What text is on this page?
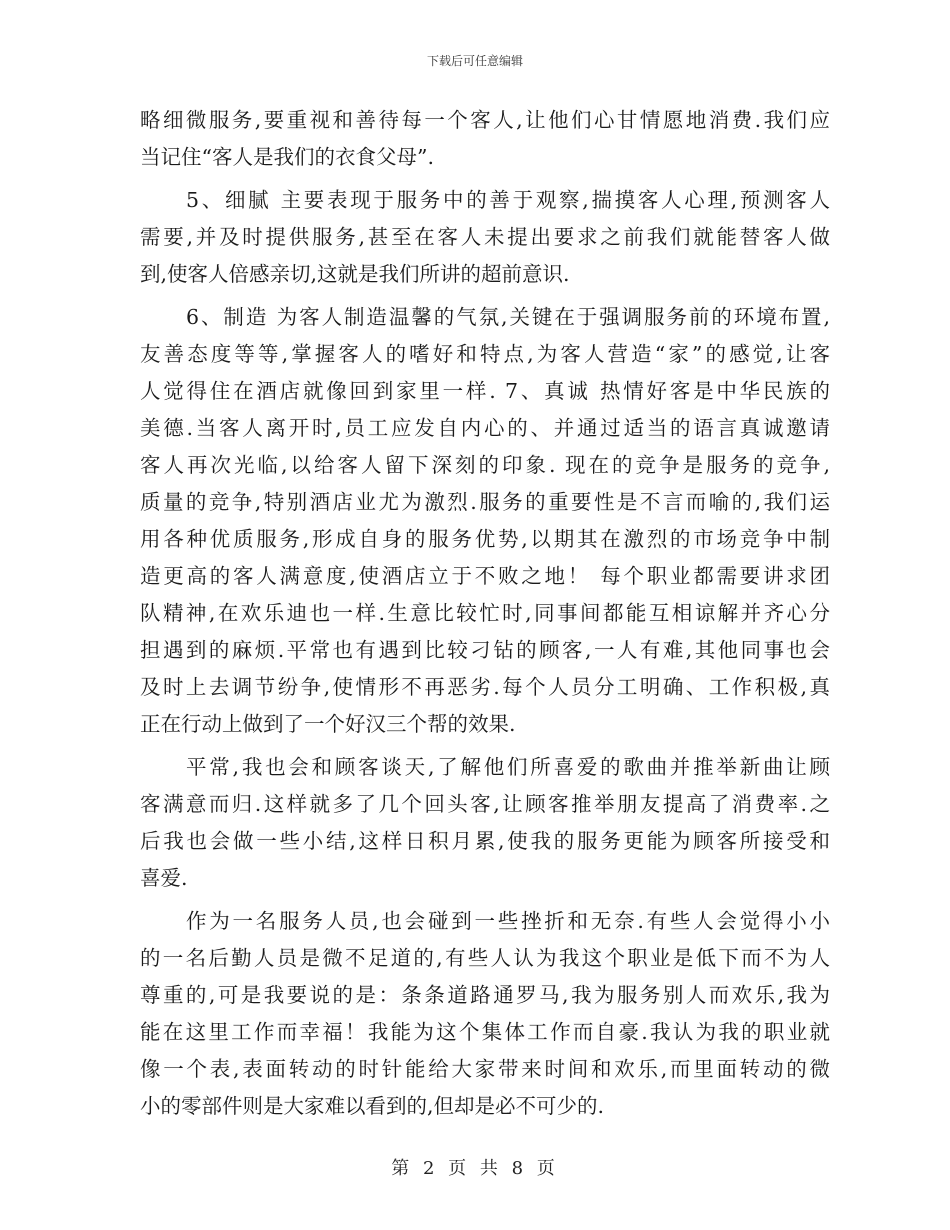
下载后可任意编辑
略细微服务,要重视和善待每一个客人,让他们心甘情愿地消费.我们应
当记住“客人是我们的衣食父母”.
5、细腻 主要表现于服务中的善于观察,揣摸客人心理,预测客人
需要,并及时提供服务,甚至在客人未提出要求之前我们就能替客人做
到,使客人倍感亲切,这就是我们所讲的超前意识.
6、制造 为客人制造温馨的气氛,关键在于强调服务前的环境布置,
友善态度等等,掌握客人的嗜好和特点,为客人营造“家”的感觉,让客
人觉得住在酒店就像回到家里一样. 7、真诚 热情好客是中华民族的
美德.当客人离开时,员工应发自内心的、并通过适当的语言真诚邀请
客人再次光临,以给客人留下深刻的印象. 现在的竞争是服务的竞争,
质量的竞争,特别酒店业尤为激烈.服务的重要性是不言而喻的,我们运
用各种优质服务,形成自身的服务优势,以期其在激烈的市场竞争中制
造更高的客人满意度,使酒店立于不败之地！ 每个职业都需要讲求团
队精神,在欢乐迪也一样.生意比较忙时,同事间都能互相谅解并齐心分
担遇到的麻烦.平常也有遇到比较刁钻的顾客,一人有难,其他同事也会
及时上去调节纷争,使情形不再恶劣.每个人员分工明确、工作积极,真
正在行动上做到了一个好汉三个帮的效果.
平常,我也会和顾客谈天,了解他们所喜爱的歌曲并推举新曲让顾
客满意而归.这样就多了几个回头客,让顾客推举朋友提高了消费率.之
后我也会做一些小结,这样日积月累,使我的服务更能为顾客所接受和
喜爱.
作为一名服务人员,也会碰到一些挫折和无奈.有些人会觉得小小
的一名后勤人员是微不足道的,有些人认为我这个职业是低下而不为人
尊重的,可是我要说的是：条条道路通罗马,我为服务别人而欢乐,我为
能在这里工作而幸福！我能为这个集体工作而自豪.我认为我的职业就
像一个表,表面转动的时针能给大家带来时间和欢乐,而里面转动的微
小的零部件则是大家难以看到的,但却是必不可少的.
第 2 页 共 8 页
